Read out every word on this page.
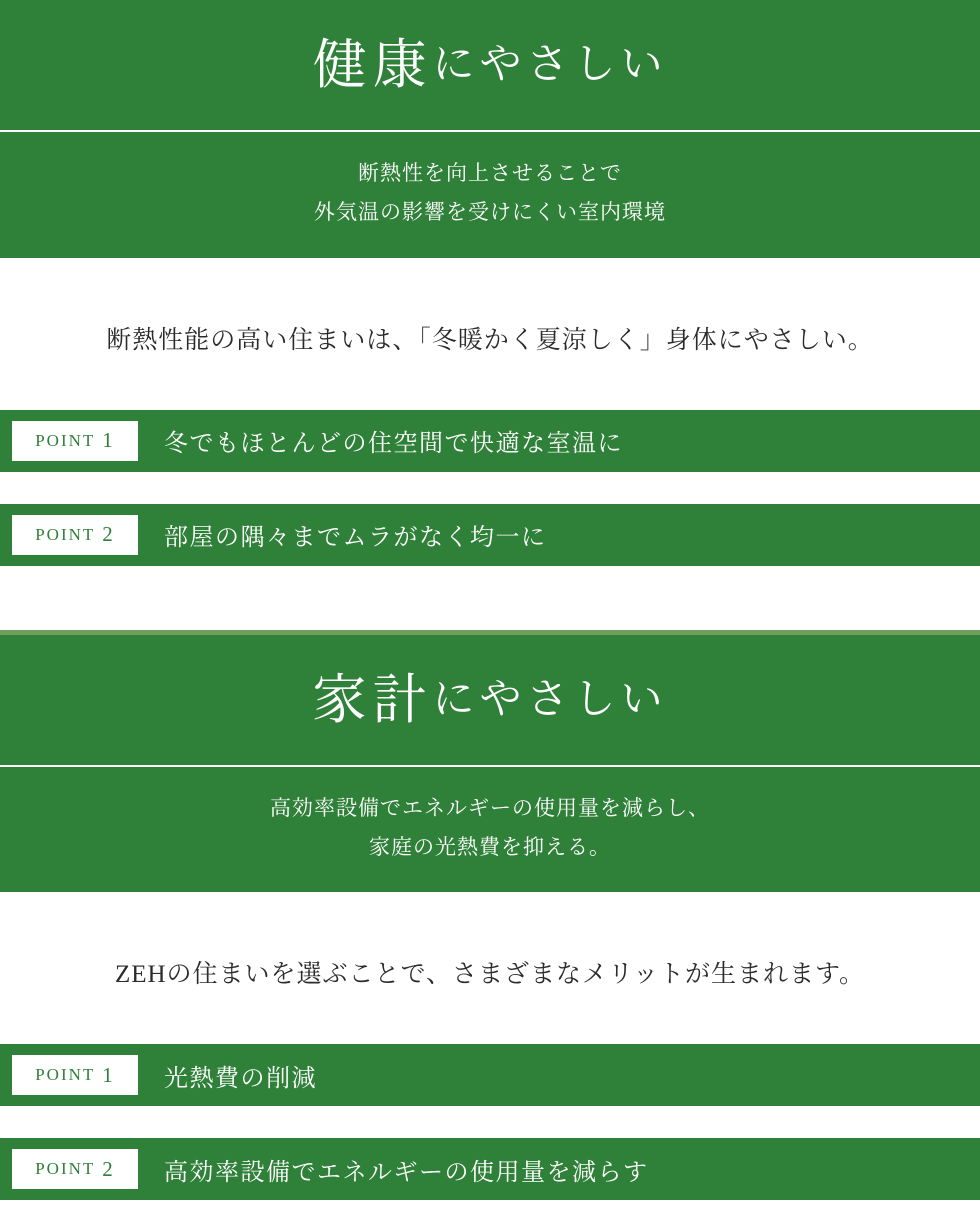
健康 にやさしい
断熱性を向上させることで
外気温の影響を受けにくい室内環境
断熱性能の高い住まいは、「冬暖かく夏涼しく」身体にやさしい。
POINT 1 冬でもほとんどの住空間で快適な室温に
POINT 2 部屋の隅々までムラがなく均一に
家計 にやさしい
高効率設備でエネルギーの使用量を減らし、
家庭の光熱費を抑える。
ZEHの住まいを選ぶことで、さまざまなメリットが生まれます。
POINT 1 光熱費の削減
POINT 2 高効率設備でエネルギーの使用量を減らす
